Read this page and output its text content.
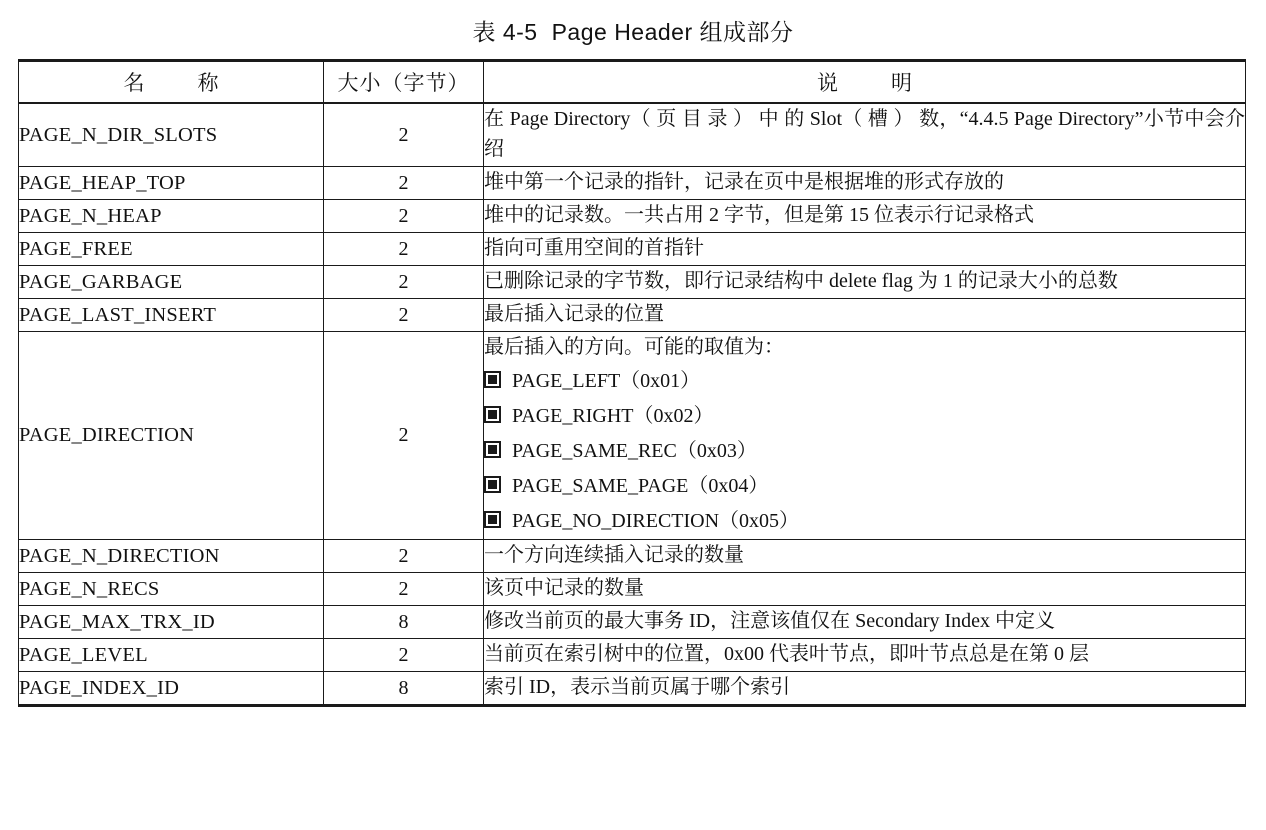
表 4-5 Page Header 组成部分
名　称	大小（字节）	说　明
PAGE_N_DIR_SLOTS	2	在 Page Directory（ 页 目 录 ） 中 的 Slot（ 槽 ） 数，“4.4.5 Page Directory”小节中会介绍

PAGE_HEAP_TOP	2	堆中第一个记录的指针，记录在页中是根据堆的形式存放的

PAGE_N_HEAP	2	堆中的记录数。一共占用 2 字节，但是第 15 位表示行记录格式

PAGE_FREE	2	指向可重用空间的首指针

PAGE_GARBAGE	2	已删除记录的字节数，即行记录结构中 delete flag 为 1 的记录大小的总数

PAGE_LAST_INSERT	2	最后插入记录的位置

PAGE_DIRECTION	2	
最后插入的方向。可能的取值为：
PAGE_LEFT（0x01）
PAGE_RIGHT（0x02）
PAGE_SAME_REC（0x03）
PAGE_SAME_PAGE（0x04）
PAGE_NO_DIRECTION（0x05）

PAGE_N_DIRECTION	2	一个方向连续插入记录的数量

PAGE_N_RECS	2	该页中记录的数量

PAGE_MAX_TRX_ID	8	修改当前页的最大事务 ID，注意该值仅在 Secondary Index 中定义

PAGE_LEVEL	2	当前页在索引树中的位置，0x00 代表叶节点，即叶节点总是在第 0 层

PAGE_INDEX_ID	8	索引 ID，表示当前页属于哪个索引
